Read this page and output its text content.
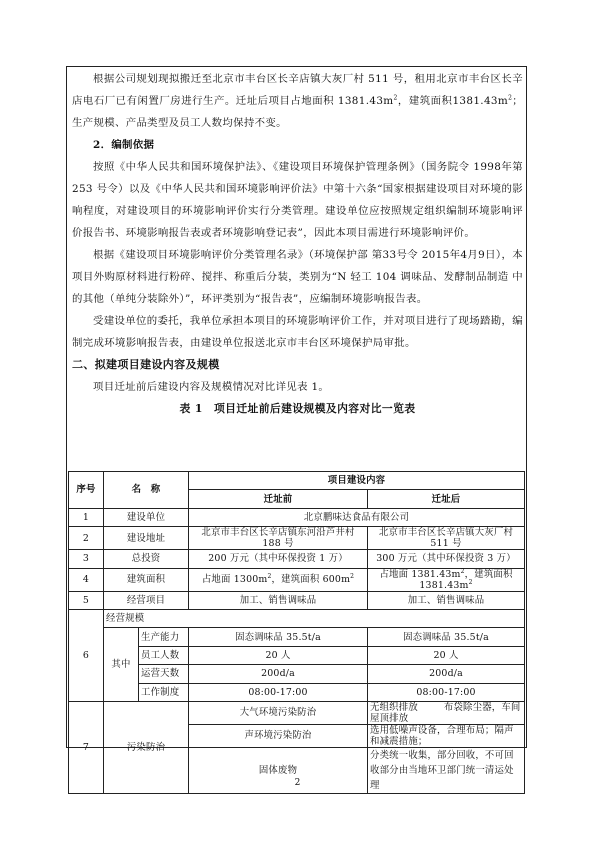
根据公司规划现拟搬迁至北京市丰台区长辛店镇大灰厂村 511 号，租用北京市丰台区长辛店电石厂已有闲置厂房进行生产。迁址后项目占地面积 $1381.43m^2$，建筑面积$1381.43m^2$；生产规模、产品类型及员工人数均保持不变。

2．编制依据

按照《中华人民共和国环境保护法》、《建设项目环境保护管理条例》（国务院令 1998年第 253 号令）以及《中华人民共和国环境影响评价法》中第十六条“国家根据建设项目对环境的影响程度，对建设项目的环境影响评价实行分类管理。建设单位应按照规定组织编制环境影响评价报告书、环境影响报告表或者环境影响登记表”，因此本项目需进行环境影响评价。

根据《建设项目环境影响评价分类管理名录》（环境保护部 第33号令 2015年4月9日），本项目外购原材料进行粉碎、搅拌、称重后分装，类别为“N 轻工 104 调味品、发酵制品制造 中的其他（单纯分装除外）”，环评类别为“报告表”，应编制环境影响报告表。

受建设单位的委托，我单位承担本项目的环境影响评价工作，并对项目进行了现场踏勘，编制完成环境影响报告表，由建设单位报送北京市丰台区环境保护局审批。

二、拟建项目建设内容及规模

项目迁址前后建设内容及规模情况对比详见表 1。

表 1　项目迁址前后建设规模及内容对比一览表
序号	名　称		项目建设内容	
			迁址前	迁址后
1	建设单位		北京鹏味达食品有限公司	
2	建设地址		北京市丰台区长辛店镇东河沿芦井村 188 号	北京市丰台区长辛店镇大灰厂村 511 号
3	总投资		200 万元（其中环保投资 1 万）	300 万元（其中环保投资 3 万）
4	建筑面积		占地面 $1300m^2$，建筑面积 $600m^2$	占地面 $1381.43m^2$，建筑面积 $1381.43m^2$
5	经营项目		加工、销售调味品	加工、销售调味品
6	经营规模			
	其中	生产能力	固态调味品 35.5t/a	固态调味品 35.5t/a
		员工人数	20 人	20 人
		运营天数	200d/a	200d/a
		工作制度	08:00-17:00	08:00-17:00
7	污染防治		大气环境污染防治	无组织排放 布袋除尘器，车间屋顶排放
			声环境污染防治	选用低噪声设备，合理布局；隔声和减震措施；
			固体废物	分类统一收集，部分回收，不可回收部分由当地环卫部门统一清运处理
2
